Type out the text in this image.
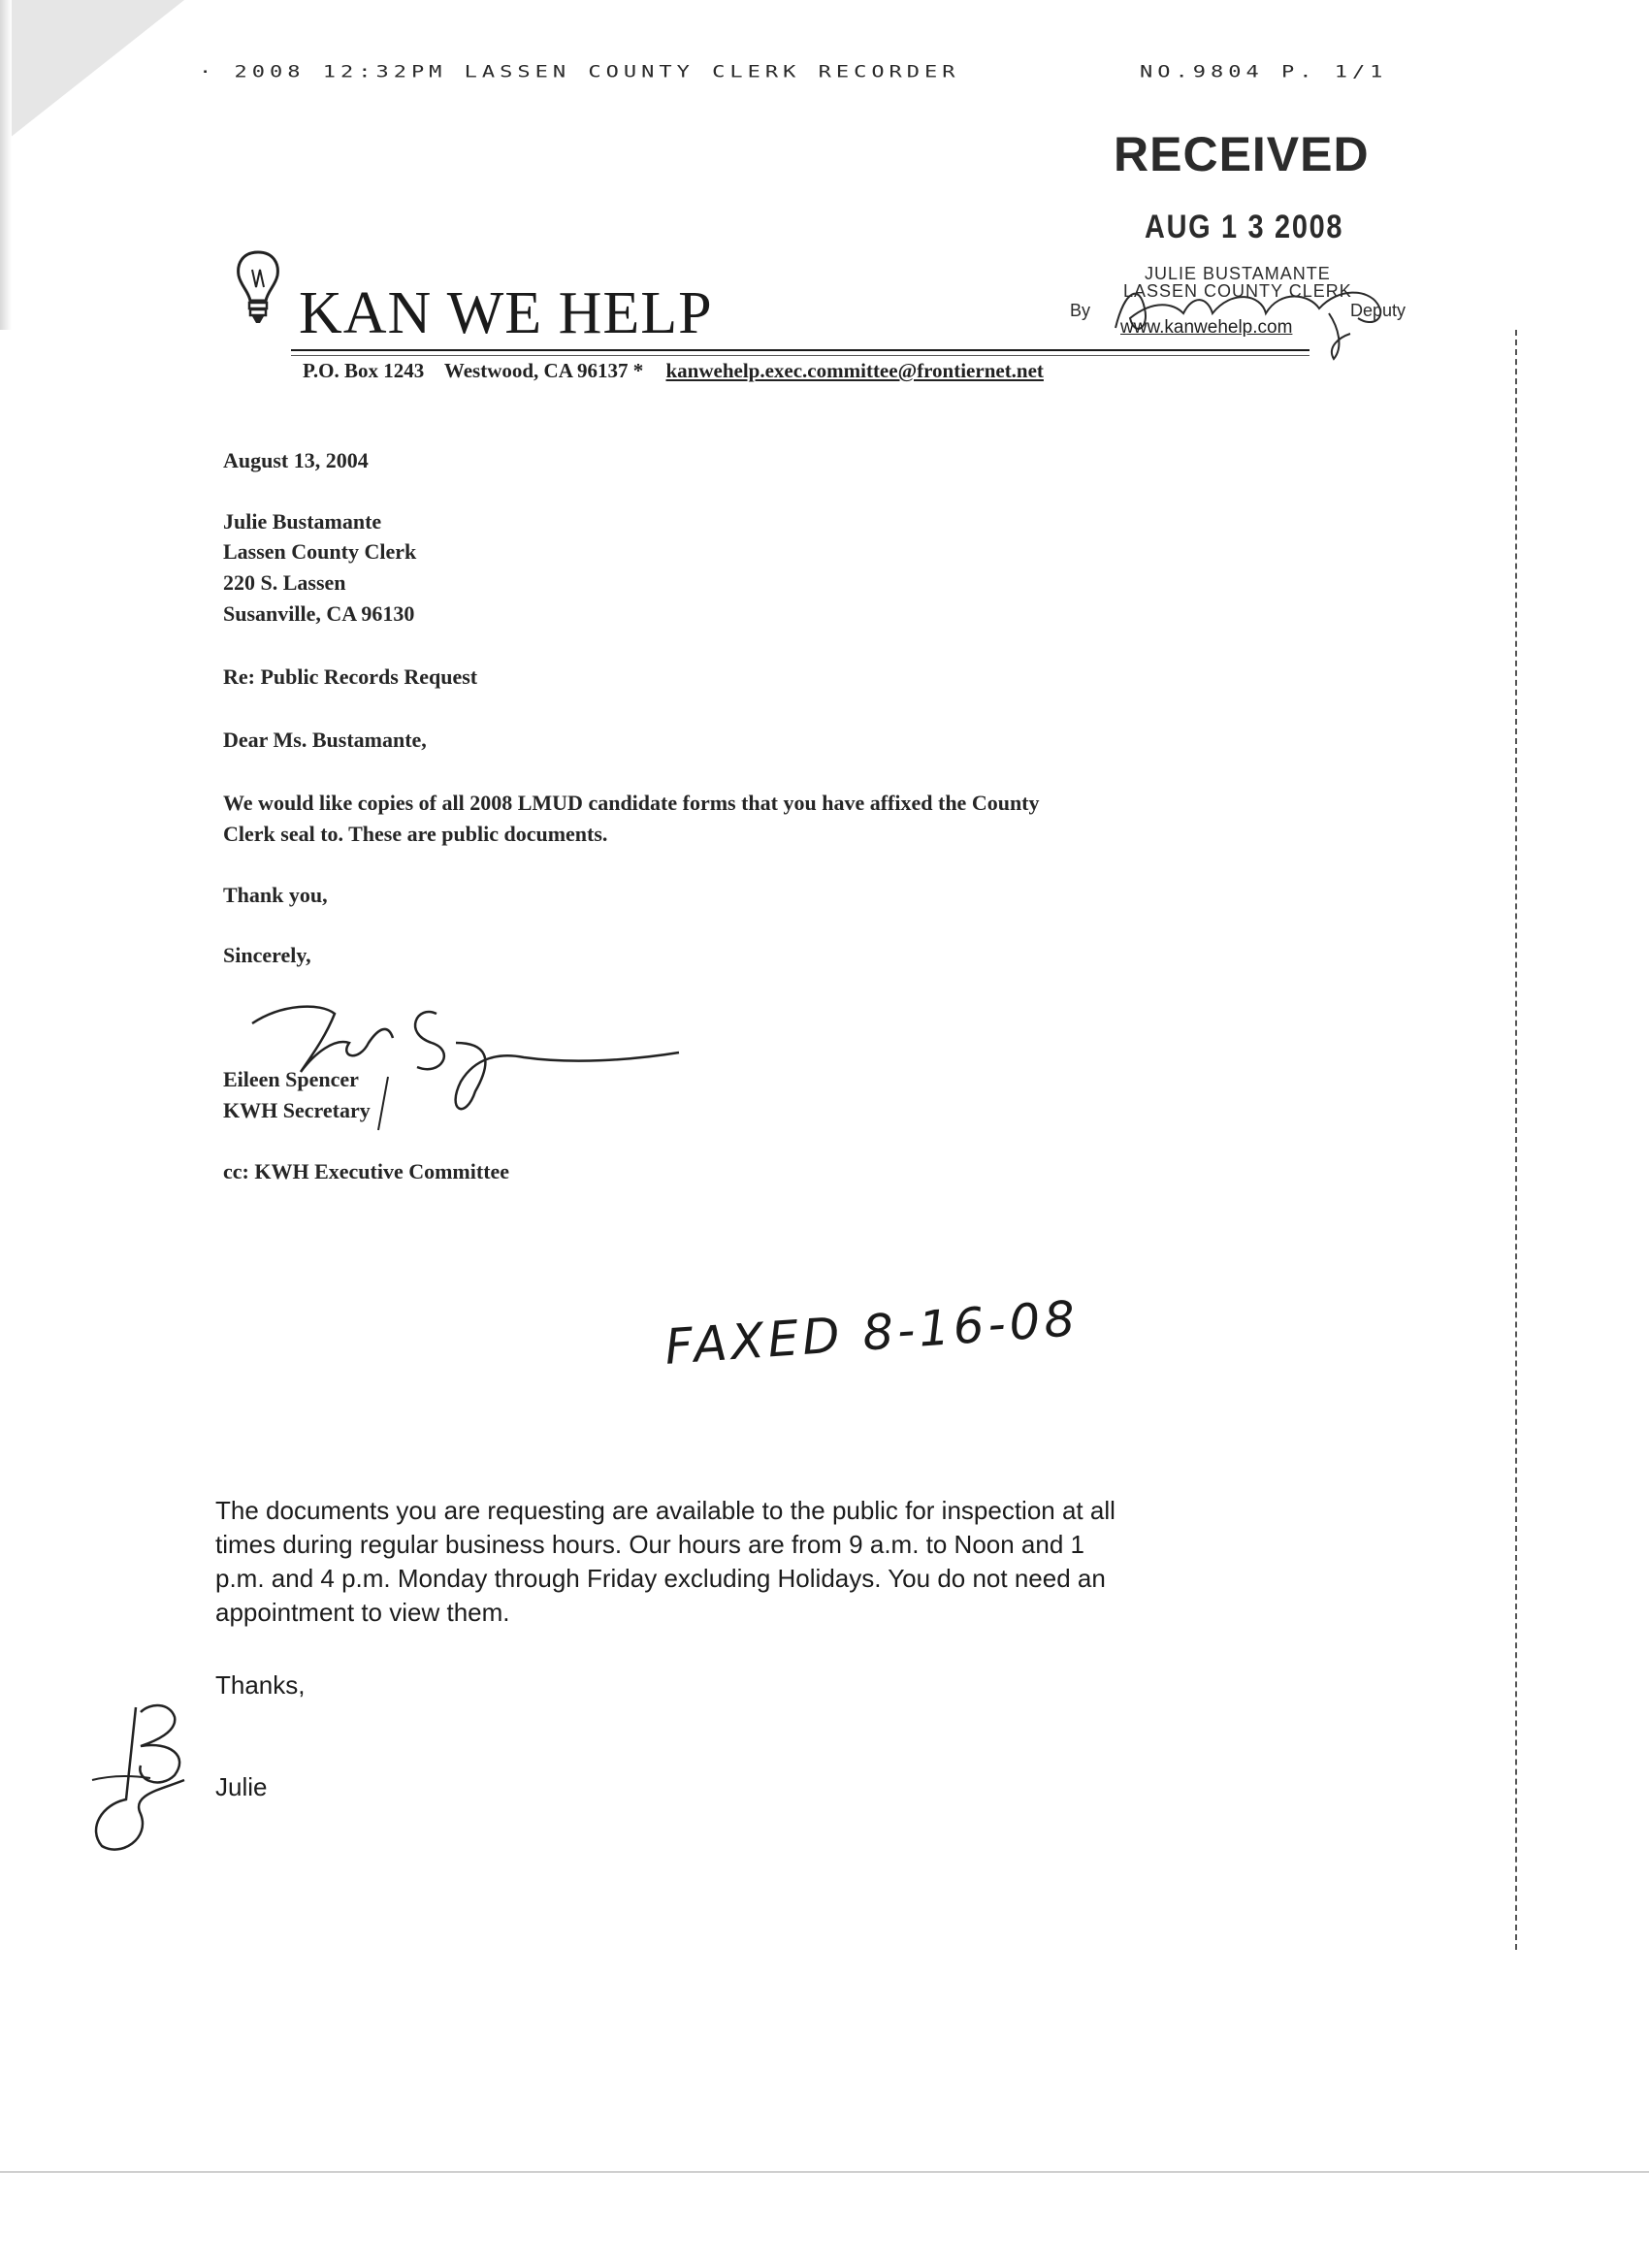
· 2008 12:32PM LASSEN COUNTY CLERK RECORDER	NO.9804 P. 1/1
RECEIVED
AUG 1 3 2008
JULIE BUSTAMANTE
LASSEN COUNTY CLERK
By	Deputy
KAN WE HELP	www.kanwehelp.com
P.O. Box 1243 Westwood, CA 96137 * kanwehelp.exec.committee@frontiernet.net
August 13, 2004
Julie Bustamante
Lassen County Clerk
220 S. Lassen
Susanville, CA 96130
Re: Public Records Request
Dear Ms. Bustamante,
We would like copies of all 2008 LMUD candidate forms that you have affixed the County
Clerk seal to. These are public documents.
Thank you,
Sincerely,
Eileen Spencer
KWH Secretary
cc: KWH Executive Committee
FAXED 8-16-08
The documents you are requesting are available to the public for inspection at all
times during regular business hours. Our hours are from 9 a.m. to Noon and 1
p.m. and 4 p.m. Monday through Friday excluding Holidays. You do not need an
appointment to view them.
Thanks,
Julie
